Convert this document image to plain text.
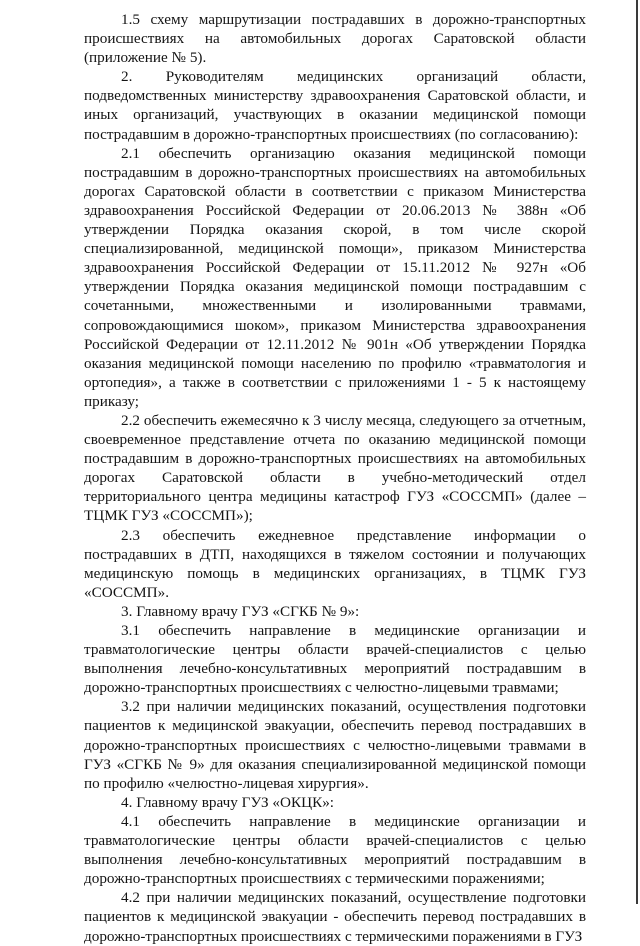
1.5 схему маршрутизации пострадавших в дорожно-транспортных происшествиях на автомобильных дорогах Саратовской области (приложение № 5).

2. Руководителям медицинских организаций области, подведомственных министерству здравоохранения Саратовской области, и иных организаций, участвующих в оказании медицинской помощи пострадавшим в дорожно-транспортных происшествиях (по согласованию):

2.1 обеспечить организацию оказания медицинской помощи пострадавшим в дорожно-транспортных происшествиях на автомобильных дорогах Саратовской области в соответствии с приказом Министерства здравоохранения Российской Федерации от 20.06.2013 № 388н «Об утверждении Порядка оказания скорой, в том числе скорой специализированной, медицинской помощи», приказом Министерства здравоохранения Российской Федерации от 15.11.2012 № 927н «Об утверждении Порядка оказания медицинской помощи пострадавшим с сочетанными, множественными и изолированными травмами, сопровождающимися шоком», приказом Министерства здравоохранения Российской Федерации от 12.11.2012 № 901н «Об утверждении Порядка оказания медицинской помощи населению по профилю «травматология и ортопедия», а также в соответствии с приложениями 1 - 5 к настоящему приказу;

2.2 обеспечить ежемесячно к 3 числу месяца, следующего за отчетным, своевременное представление отчета по оказанию медицинской помощи пострадавшим в дорожно-транспортных происшествиях на автомобильных дорогах Саратовской области в учебно-методический отдел территориального центра медицины катастроф ГУЗ «СОССМП» (далее – ТЦМК ГУЗ «СОССМП»);

2.3 обеспечить ежедневное представление информации о пострадавших в ДТП, находящихся в тяжелом состоянии и получающих медицинскую помощь в медицинских организациях, в ТЦМК ГУЗ «СОССМП».

3. Главному врачу ГУЗ «СГКБ № 9»:

3.1 обеспечить направление в медицинские организации и травматологические центры области врачей-специалистов с целью выполнения лечебно-консультативных мероприятий пострадавшим в дорожно-транспортных происшествиях с челюстно-лицевыми травмами;

3.2 при наличии медицинских показаний, осуществления подготовки пациентов к медицинской эвакуации, обеспечить перевод пострадавших в дорожно-транспортных происшествиях с челюстно-лицевыми травмами в ГУЗ «СГКБ № 9» для оказания специализированной медицинской помощи по профилю «челюстно-лицевая хирургия».

4. Главному врачу ГУЗ «ОКЦК»:

4.1 обеспечить направление в медицинские организации и травматологические центры области врачей-специалистов с целью выполнения лечебно-консультативных мероприятий пострадавшим в дорожно-транспортных происшествиях с термическими поражениями;

4.2 при наличии медицинских показаний, осуществление подготовки пациентов к медицинской эвакуации - обеспечить перевод пострадавших в дорожно-транспортных происшествиях с термическими поражениями в ГУЗ
